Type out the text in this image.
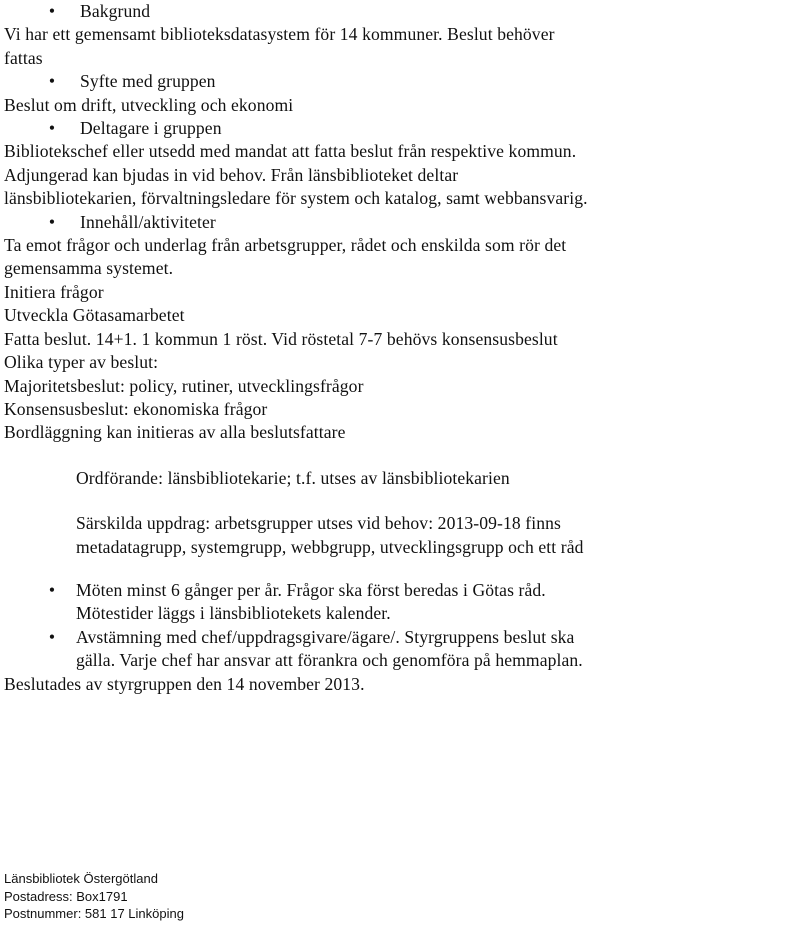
•	Bakgrund
Vi har ett gemensamt biblioteksdatasystem för 14 kommuner. Beslut behöver
fattas
•	Syfte med gruppen
Beslut om drift, utveckling och ekonomi
•	Deltagare i gruppen
Bibliotekschef eller utsedd med mandat att fatta beslut från respektive kommun.
Adjungerad kan bjudas in vid behov. Från länsbiblioteket deltar
länsbibliotekarien, förvaltningsledare för system och katalog, samt webbansvarig.
•	Innehåll/aktiviteter
Ta emot frågor och underlag från arbetsgrupper, rådet och enskilda som rör det
gemensamma systemet.
Initiera frågor
Utveckla Götasamarbetet
Fatta beslut. 14+1. 1 kommun 1 röst. Vid röstetal 7-7 behövs konsensusbeslut
Olika typer av beslut:
Majoritetsbeslut: policy, rutiner, utvecklingsfrågor
Konsensusbeslut: ekonomiska frågor
Bordläggning kan initieras av alla beslutsfattare
Ordförande: länsbibliotekarie; t.f. utses av länsbibliotekarien
Särskilda uppdrag: arbetsgrupper utses vid behov: 2013-09-18 finns
metadatagrupp, systemgrupp, webbgrupp, utvecklingsgrupp och ett råd
•	Möten minst 6 gånger per år. Frågor ska först beredas i Götas råd.
Mötestider läggs i länsbibliotekets kalender.
•	Avstämning med chef/uppdragsgivare/ägare/. Styrgruppens beslut ska
gälla. Varje chef har ansvar att förankra och genomföra på hemmaplan.
Beslutades av styrgruppen den 14 november 2013.
Länsbibliotek Östergötland
Postadress: Box1791
Postnummer: 581 17 Linköping
